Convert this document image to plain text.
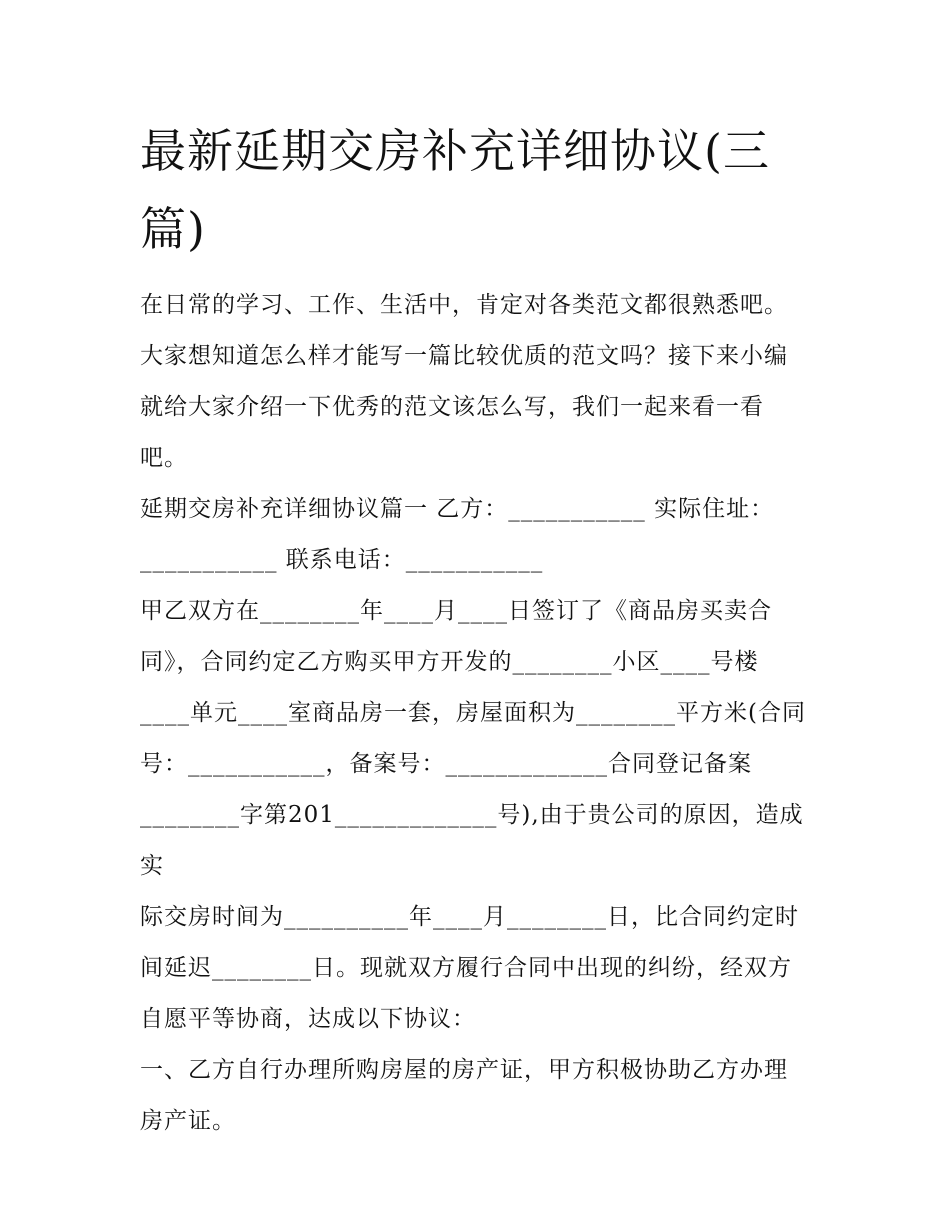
最新延期交房补充详细协议(三
篇)
在日常的学习、工作、生活中，肯定对各类范文都很熟悉吧。
大家想知道怎么样才能写一篇比较优质的范文吗？接下来小编
就给大家介绍一下优秀的范文该怎么写，我们一起来看一看
吧。
延期交房补充详细协议篇一 乙方：___________ 实际住址：
___________ 联系电话：___________
甲乙双方在________年____月____日签订了《商品房买卖合
同》，合同约定乙方购买甲方开发的________小区____号楼
____单元____室商品房一套，房屋面积为________平方米(合同
号：___________，备案号：_____________合同登记备案
________字第201_____________号),由于贵公司的原因，造成实
际交房时间为__________年____月________日，比合同约定时
间延迟________日。现就双方履行合同中出现的纠纷，经双方
自愿平等协商，达成以下协议：
一、乙方自行办理所购房屋的房产证，甲方积极协助乙方办理
房产证。
